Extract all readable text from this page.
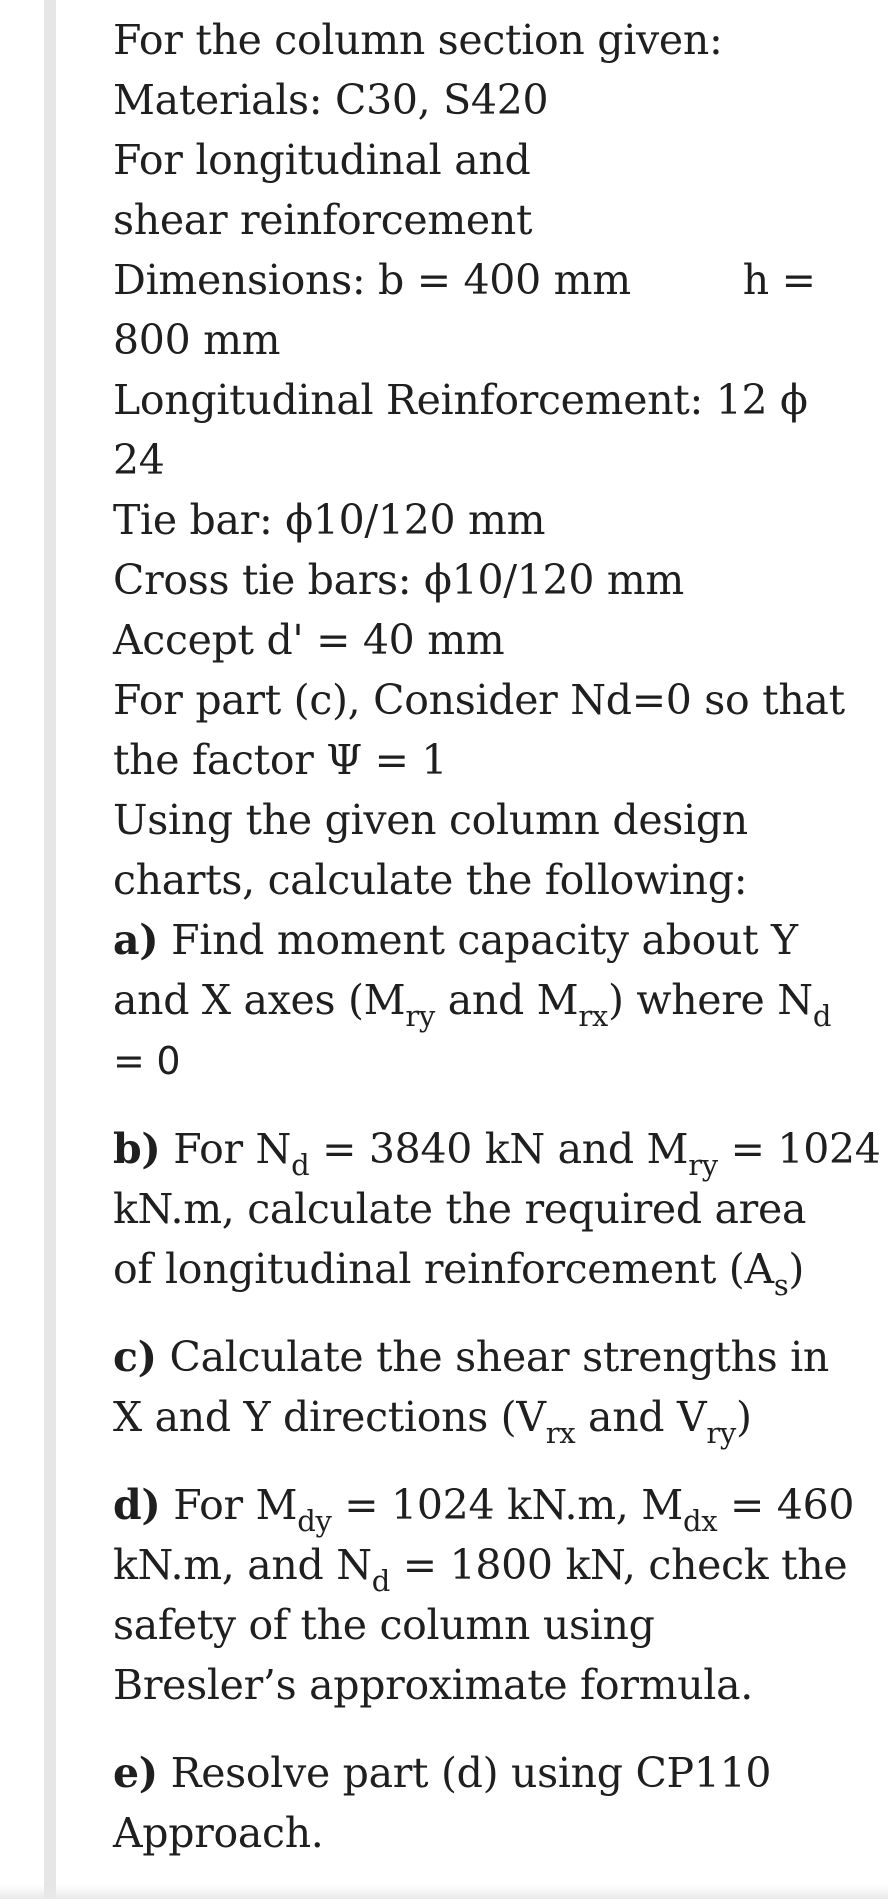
For the column section given:
Materials: C30, S420 For longitudinal and shear reinforcement
Dimensions: b = 400 mm	h =
800 mm
Longitudinal Reinforcement: 12 ϕ
24
Tie bar: ϕ10/120 mm
Cross tie bars: ϕ10/120 mm
Accept d' = 40 mm
For part (c), Consider Nd=0 so that
the factor Ψ = 1
Using the given column design
charts, calculate the following:
a) Find moment capacity about Y
and X axes ($M_{ry}$ and $M_{rx}$) where $N_d$
= 0
b) For $N_d = 3840$ kN and $M_{ry} = 1024$
kN.m, calculate the required area
of longitudinal reinforcement $(A_s)$
c) Calculate the shear strengths in
X and Y directions ($V_{rx}$ and $V_{ry}$)
d) For $M_{dy} = 1024$ kN.m, $M_{dx} = 460$
kN.m, and $N_d = 1800$ kN, check the
safety of the column using
Bresler’s approximate formula.
e) Resolve part (d) using CP110
Approach.
